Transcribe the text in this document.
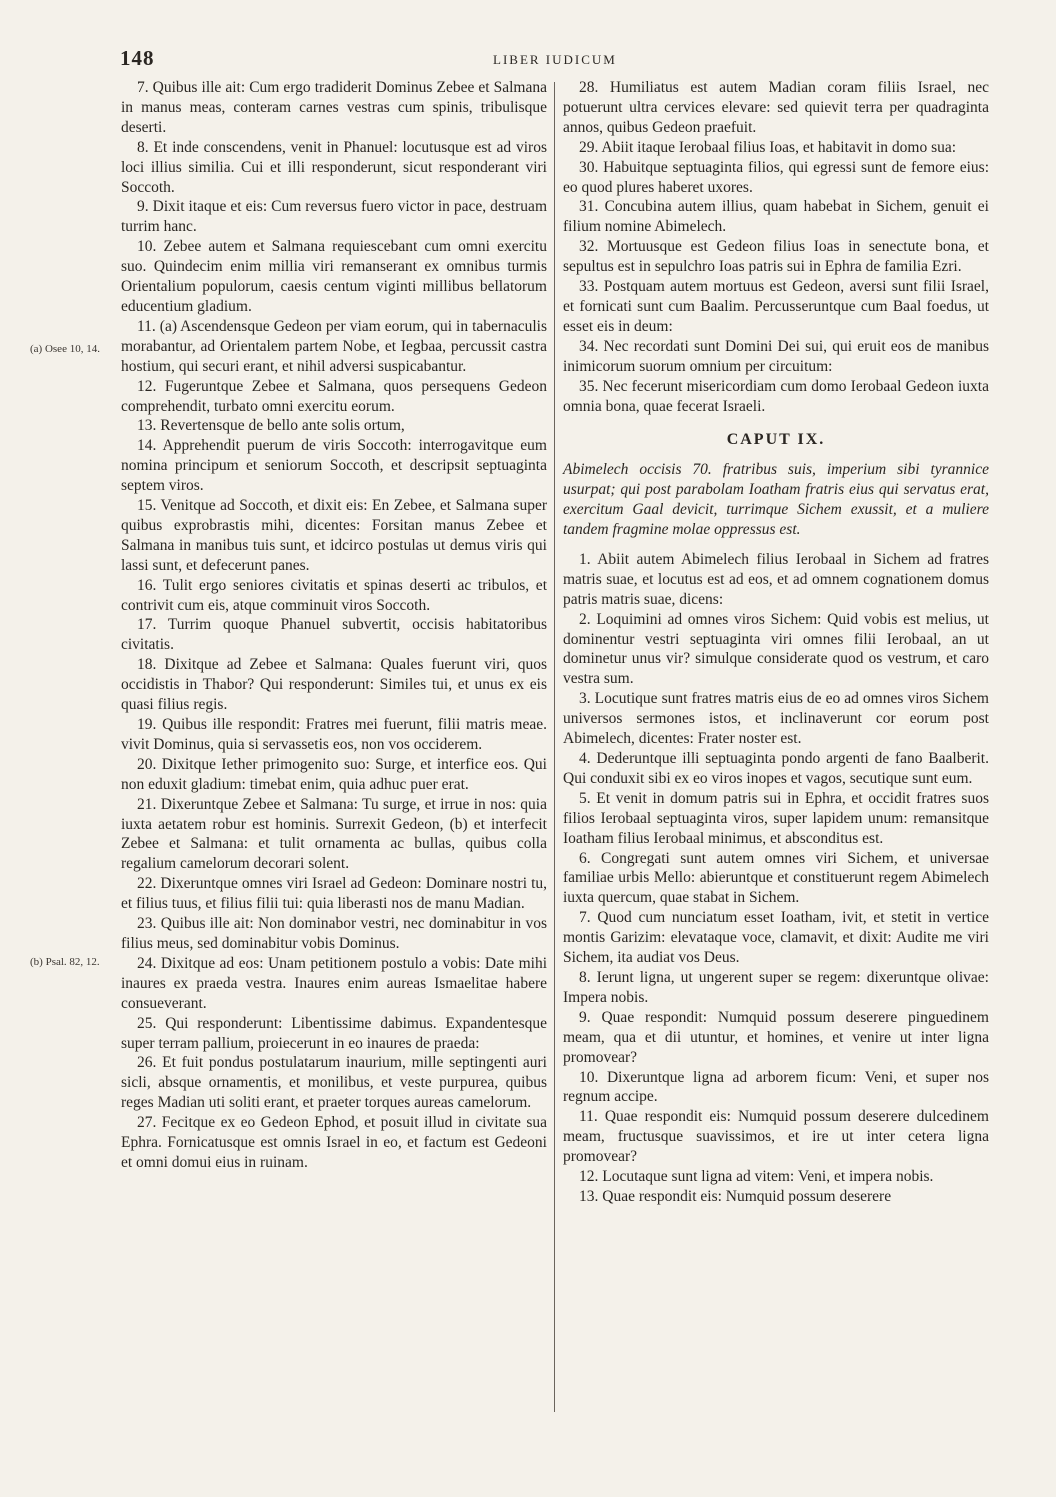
148	LIBER IUDICUM
(a) Osee 10, 14.
(b) Psal. 82, 12.

7. Quibus ille ait: Cum ergo tradiderit Dominus Zebee et Salmana in manus meas, conteram carnes vestras cum spinis, tribulisque deserti.

8. Et inde conscendens, venit in Phanuel: locutusque est ad viros loci illius similia. Cui et illi responderunt, sicut responderant viri Soccoth.

9. Dixit itaque et eis: Cum reversus fuero victor in pace, destruam turrim hanc.

10. Zebee autem et Salmana requiescebant cum omni exercitu suo. Quindecim enim millia viri remanserant ex omnibus turmis Orientalium populorum, caesis centum viginti millibus bellatorum educentium gladium.

11. (a) Ascendensque Gedeon per viam eorum, qui in tabernaculis morabantur, ad Orientalem partem Nobe, et Iegbaa, percussit castra hostium, qui securi erant, et nihil adversi suspicabantur.

12. Fugeruntque Zebee et Salmana, quos persequens Gedeon comprehendit, turbato omni exercitu eorum.

13. Revertensque de bello ante solis ortum,

14. Apprehendit puerum de viris Soccoth: interrogavitque eum nomina principum et seniorum Soccoth, et descripsit septuaginta septem viros.

15. Venitque ad Soccoth, et dixit eis: En Zebee, et Salmana super quibus exprobrastis mihi, dicentes: Forsitan manus Zebee et Salmana in manibus tuis sunt, et idcirco postulas ut demus viris qui lassi sunt, et defecerunt panes.

16. Tulit ergo seniores civitatis et spinas deserti ac tribulos, et contrivit cum eis, atque comminuit viros Soccoth.

17. Turrim quoque Phanuel subvertit, occisis habitatoribus civitatis.

18. Dixitque ad Zebee et Salmana: Quales fuerunt viri, quos occidistis in Thabor? Qui responderunt: Similes tui, et unus ex eis quasi filius regis.

19. Quibus ille respondit: Fratres mei fuerunt, filii matris meae. vivit Dominus, quia si servassetis eos, non vos occiderem.

20. Dixitque Iether primogenito suo: Surge, et interfice eos. Qui non eduxit gladium: timebat enim, quia adhuc puer erat.

21. Dixeruntque Zebee et Salmana: Tu surge, et irrue in nos: quia iuxta aetatem robur est hominis. Surrexit Gedeon, (b) et interfecit Zebee et Salmana: et tulit ornamenta ac bullas, quibus colla regalium camelorum decorari solent.

22. Dixeruntque omnes viri Israel ad Gedeon: Dominare nostri tu, et filius tuus, et filius filii tui: quia liberasti nos de manu Madian.

23. Quibus ille ait: Non dominabor vestri, nec dominabitur in vos filius meus, sed dominabitur vobis Dominus.

24. Dixitque ad eos: Unam petitionem postulo a vobis: Date mihi inaures ex praeda vestra. Inaures enim aureas Ismaelitae habere consueverant.

25. Qui responderunt: Libentissime dabimus. Expandentesque super terram pallium, proiecerunt in eo inaures de praeda:

26. Et fuit pondus postulatarum inaurium, mille septingenti auri sicli, absque ornamentis, et monilibus, et veste purpurea, quibus reges Madian uti soliti erant, et praeter torques aureas camelorum.

27. Fecitque ex eo Gedeon Ephod, et posuit illud in civitate sua Ephra. Fornicatusque est omnis Israel in eo, et factum est Gedeoni et omni domui eius in ruinam.

28. Humiliatus est autem Madian coram filiis Israel, nec potuerunt ultra cervices elevare: sed quievit terra per quadraginta annos, quibus Gedeon praefuit.

29. Abiit itaque Ierobaal filius Ioas, et habitavit in domo sua:

30. Habuitque septuaginta filios, qui egressi sunt de femore eius: eo quod plures haberet uxores.

31. Concubina autem illius, quam habebat in Sichem, genuit ei filium nomine Abimelech.

32. Mortuusque est Gedeon filius Ioas in senectute bona, et sepultus est in sepulchro Ioas patris sui in Ephra de familia Ezri.

33. Postquam autem mortuus est Gedeon, aversi sunt filii Israel, et fornicati sunt cum Baalim. Percusseruntque cum Baal foedus, ut esset eis in deum:

34. Nec recordati sunt Domini Dei sui, qui eruit eos de manibus inimicorum suorum omnium per circuitum:

35. Nec fecerunt misericordiam cum domo Ierobaal Gedeon iuxta omnia bona, quae fecerat Israeli.

CAPUT IX.

Abimelech occisis 70. fratribus suis, imperium sibi tyrannice usurpat; qui post parabolam Ioatham fratris eius qui servatus erat, exercitum Gaal devicit, turrimque Sichem exussit, et a muliere tandem fragmine molae oppressus est.

1. Abiit autem Abimelech filius Ierobaal in Sichem ad fratres matris suae, et locutus est ad eos, et ad omnem cognationem domus patris matris suae, dicens:

2. Loquimini ad omnes viros Sichem: Quid vobis est melius, ut dominentur vestri septuaginta viri omnes filii Ierobaal, an ut dominetur unus vir? simulque considerate quod os vestrum, et caro vestra sum.

3. Locutique sunt fratres matris eius de eo ad omnes viros Sichem universos sermones istos, et inclinaverunt cor eorum post Abimelech, dicentes: Frater noster est.

4. Dederuntque illi septuaginta pondo argenti de fano Baalberit. Qui conduxit sibi ex eo viros inopes et vagos, secutique sunt eum.

5. Et venit in domum patris sui in Ephra, et occidit fratres suos filios Ierobaal septuaginta viros, super lapidem unum: remansitque Ioatham filius Ierobaal minimus, et absconditus est.

6. Congregati sunt autem omnes viri Sichem, et universae familiae urbis Mello: abieruntque et constituerunt regem Abimelech iuxta quercum, quae stabat in Sichem.

7. Quod cum nunciatum esset Ioatham, ivit, et stetit in vertice montis Garizim: elevataque voce, clamavit, et dixit: Audite me viri Sichem, ita audiat vos Deus.

8. Ierunt ligna, ut ungerent super se regem: dixeruntque olivae: Impera nobis.

9. Quae respondit: Numquid possum deserere pinguedinem meam, qua et dii utuntur, et homines, et venire ut inter ligna promovear?

10. Dixeruntque ligna ad arborem ficum: Veni, et super nos regnum accipe.

11. Quae respondit eis: Numquid possum deserere dulcedinem meam, fructusque suavissimos, et ire ut inter cetera ligna promovear?

12. Locutaque sunt ligna ad vitem: Veni, et impera nobis.

13. Quae respondit eis: Numquid possum deserere
